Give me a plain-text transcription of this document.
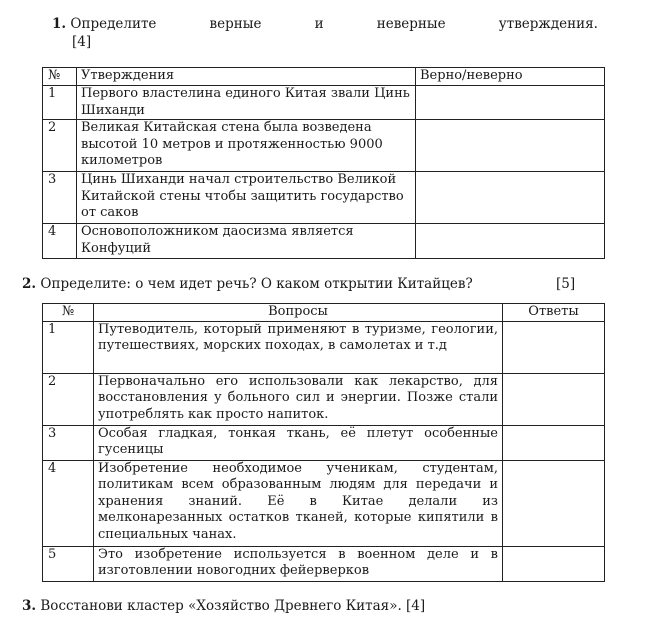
1. Определите	верные	и	неверные	утверждения.
[4]
№	Утверждения	Верно/неверно
1	Первого властелина единого Китая звали Цинь Шиханди	
2	Великая Китайская стена была возведена высотой 10 метров и протяженностью 9000 километров	
3	Цинь Шиханди начал строительство Великой Китайской стены чтобы защитить государство от саков	
4	Основоположником даосизма является Конфуций	
2. Определите: о чем идет речь? О каком открытии Китайцев?	[5]
№	Вопросы	Ответы
1	Путеводитель, который применяют в туризме, геологии, путешествиях, морских походах, в самолетах и т.д	
2	Первоначально его использовали как лекарство, для восстановления у больного сил и энергии. Позже стали употреблять как просто напиток.	
3	Особая гладкая, тонкая ткань, её плетут особенные гусеницы	
4	Изобретение необходимое ученикам, студентам, политикам всем образованным людям для передачи и хранения знаний. Её в Китае делали из мелконарезанных остатков тканей, которые кипятили в специальных чанах.	
5	Это изобретение используется в военном деле и в изготовлении новогодних фейерверков	
3. Восстанови кластер «Хозяйство Древнего Китая». [4]
